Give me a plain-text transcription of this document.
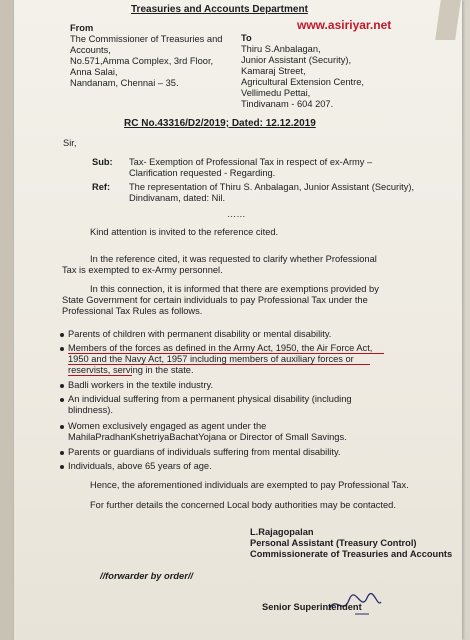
Treasuries and Accounts Department
www.asiriyar.net
From
The Commissioner of Treasuries and
Accounts,
No.571,Amma Complex, 3rd Floor,
Anna Salai,
Nandanam, Chennai – 35.
To
Thiru S.Anbalagan,
Junior Assistant (Security),
Kamaraj Street,
Agricultural Extension Centre,
Vellimedu Pettai,
Tindivanam - 604 207.
RC No.43316/D2/2019; Dated: 12.12.2019
Sir,
Sub: Tax- Exemption of Professional Tax in respect of ex-Army –
Clarification requested - Regarding.
Ref: The representation of Thiru S. Anbalagan, Junior Assistant (Security),
Dindivanam, dated: Nil.
……
Kind attention is invited to the reference cited.
In the reference cited, it was requested to clarify whether Professional
Tax is exempted to ex-Army personnel.
In this connection, it is informed that there are exemptions provided by
State Government for certain individuals to pay Professional Tax under the
Professional Tax Rules as follows.
Parents of children with permanent disability or mental disability.
Members of the forces as defined in the Army Act, 1950, the Air Force Act,
1950 and the Navy Act, 1957 including members of auxiliary forces or
reservists, serving in the state.
Badli workers in the textile industry.
An individual suffering from a permanent physical disability (including
blindness).
Women exclusively engaged as agent under the
MahilaPradhanKshetriyaBachatYojana or Director of Small Savings.
Parents or guardians of individuals suffering from mental disability.
Individuals, above 65 years of age.
Hence, the aforementioned individuals are exempted to pay Professional Tax.
For further details the concerned Local body authorities may be contacted.
L.Rajagopalan
Personal Assistant (Treasury Control)
Commissionerate of Treasuries and Accounts
//forwarder by order//
Senior Superintendent
